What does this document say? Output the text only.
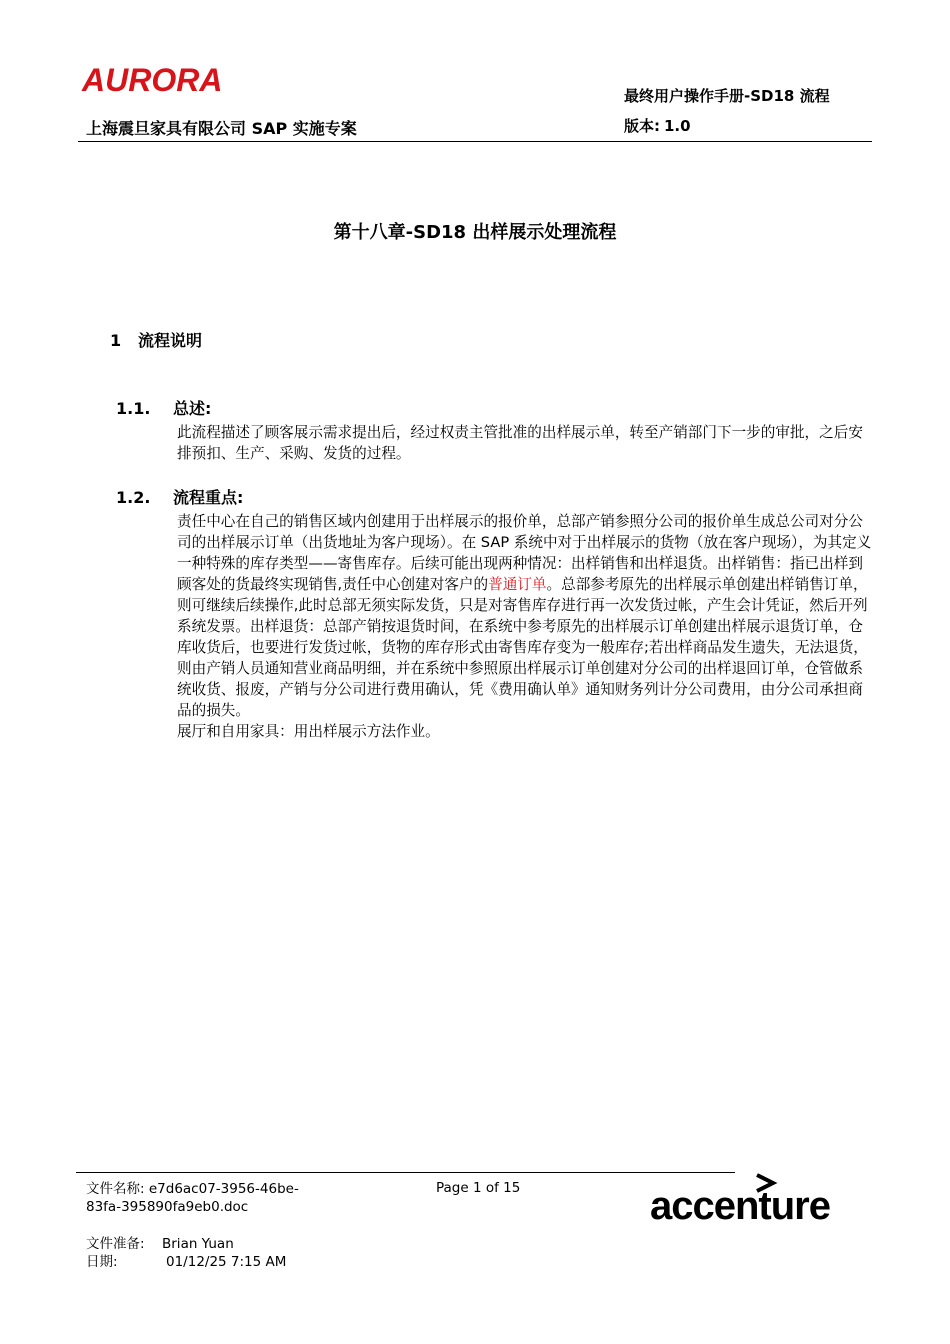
AURORA
上海震旦家具有限公司 SAP 实施专案
最终用户操作手册-SD18 流程
版本: 1.0
第十八章-SD18 出样展示处理流程
1 流程说明
1.1. 总述:

此流程描述了顾客展示需求提出后，经过权责主管批准的出样展示单，转至产销部门下一步的审批，之后安排预扣、生产、采购、发货的过程。

1.2. 流程重点:

责任中心在自己的销售区域内创建用于出样展示的报价单，总部产销参照分公司的报价单生成总公司对分公司的出样展示订单（出货地址为客户现场）。在 SAP 系统中对于出样展示的货物（放在客户现场），为其定义一种特殊的库存类型——寄售库存。后续可能出现两种情况：出样销售和出样退货。出样销售：指已出样到顾客处的货最终实现销售,责任中心创建对客户的普通订单。总部参考原先的出样展示单创建出样销售订单，则可继续后续操作,此时总部无须实际发货，只是对寄售库存进行再一次发货过帐，产生会计凭证，然后开列系统发票。出样退货：总部产销按退货时间，在系统中参考原先的出样展示订单创建出样展示退货订单，仓库收货后，也要进行发货过帐，货物的库存形式由寄售库存变为一般库存;若出样商品发生遗失，无法退货，则由产销人员通知营业商品明细，并在系统中参照原出样展示订单创建对分公司的出样退回订单，仓管做系统收货、报废，产销与分公司进行费用确认，凭《费用确认单》通知财务列计分公司费用，由分公司承担商品的损失。

展厅和自用家具：用出样展示方法作业。

文件名称: e7d6ac07-3956-46be-
83fa-395890fa9eb0.doc
Page 1 of 15
文件准备: Brian Yuan
日期:	01/12/25 7:15 AM
accenture
